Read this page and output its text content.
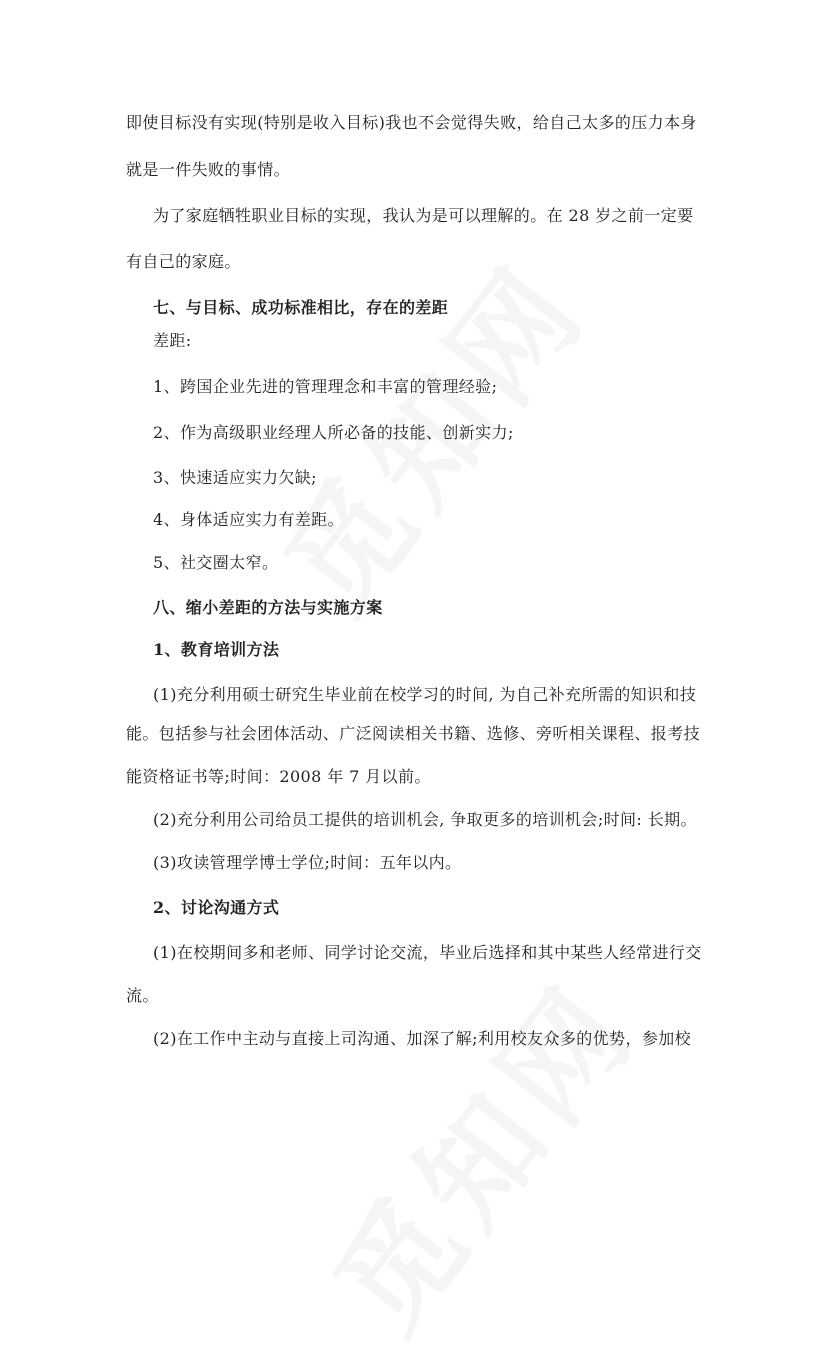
即使目标没有实现(特别是收入目标)我也不会觉得失败，给自己太多的压力本身
就是一件失败的事情。
为了家庭牺牲职业目标的实现，我认为是可以理解的。在 28 岁之前一定要
有自己的家庭。
七、与目标、成功标准相比，存在的差距
差距:
1、跨国企业先进的管理理念和丰富的管理经验;
2、作为高级职业经理人所必备的技能、创新实力;
3、快速适应实力欠缺;
4、身体适应实力有差距。
5、社交圈太窄。
八、缩小差距的方法与实施方案
1、教育培训方法
(1)充分利用硕士研究生毕业前在校学习的时间, 为自己补充所需的知识和技
能。包括参与社会团体活动、广泛阅读相关书籍、选修、旁听相关课程、报考技
能资格证书等;时间：2008 年 7 月以前。
(2)充分利用公司给员工提供的培训机会, 争取更多的培训机会;时间: 长期。
(3)攻读管理学博士学位;时间：五年以内。
2、讨论沟通方式
(1)在校期间多和老师、同学讨论交流，毕业后选择和其中某些人经常进行交
流。
(2)在工作中主动与直接上司沟通、加深了解;利用校友众多的优势，参加校
